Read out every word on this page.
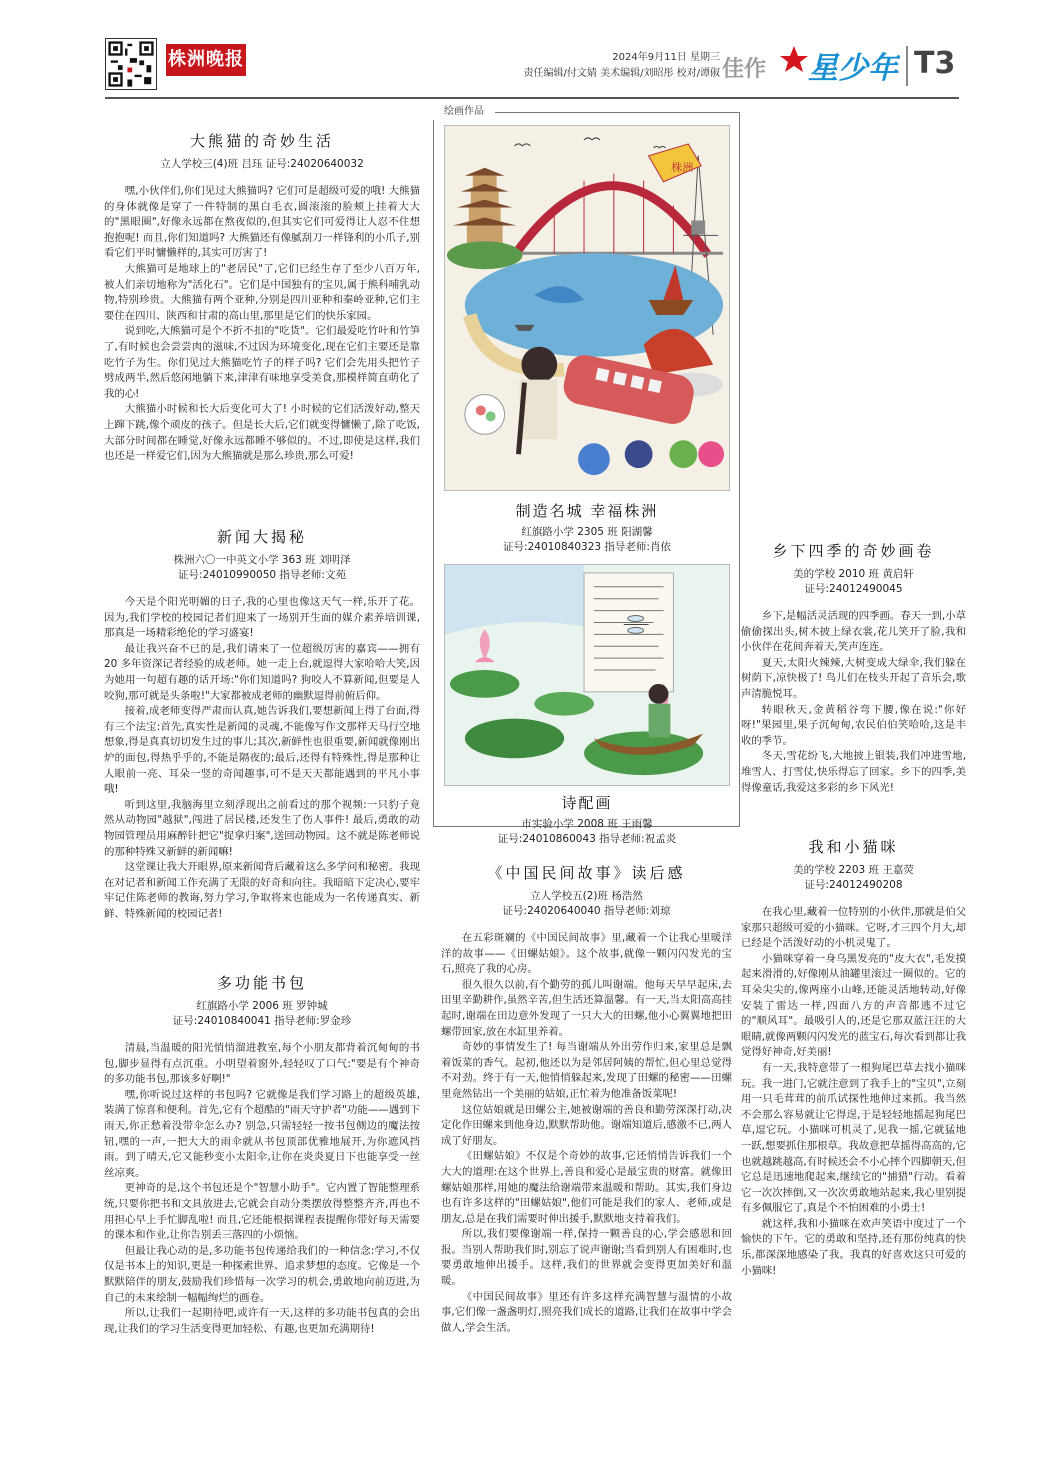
株洲晚报	2024年9月11日 星期三
责任编辑/付文婧 美术编辑/刘昭彤 校对/谭俶 佳作 星少年 T3
大熊猫的奇妙生活
立人学校三(4)班 吕珏 证号:24020640032

嘿,小伙伴们,你们见过大熊猫吗? 它们可是超级可爱的哦! 大熊猫的身体就像是穿了一件特制的黑白毛衣,圆滚滚的脸颊上挂着大大的"黑眼圈",好像永远都在熬夜似的,但其实它们可爱得让人忍不住想抱抱呢! 而且,你们知道吗? 大熊猫还有像腻刮刀一样锋利的小爪子,别看它们平时慵懒样的,其实可厉害了!

大熊猫可是地球上的"老居民"了,它们已经生存了至少八百万年,被人们亲切地称为"活化石"。它们是中国独有的宝贝,属于熊科哺乳动物,特别珍贵。大熊猫有两个亚种,分别是四川亚种和秦岭亚种,它们主要住在四川、陕西和甘肃的高山里,那里是它们的快乐家园。

说到吃,大熊猫可是个不折不扣的"吃货"。它们最爱吃竹叶和竹笋了,有时候也会尝尝肉的滋味,不过因为环境变化,现在它们主要还是靠吃竹子为生。你们见过大熊猫吃竹子的样子吗? 它们会先用头把竹子劈成两半,然后悠闲地躺下来,津津有味地享受美食,那模样简直萌化了我的心!

大熊猫小时候和长大后变化可大了! 小时候的它们活泼好动,整天上蹿下跳,像个顽皮的孩子。但是长大后,它们就变得慵懒了,除了吃饭,大部分时间都在睡觉,好像永远都睡不够似的。不过,即使是这样,我们也还是一样爱它们,因为大熊猫就是那么珍贵,那么可爱!

新闻大揭秘
株洲六〇一中英文小学 363 班 刘明泽
证号:24010990050 指导老师:文苑

今天是个阳光明媚的日子,我的心里也像这天气一样,乐开了花。因为,我们学校的校园记者们迎来了一场别开生面的媒介素养培训课,那真是一场精彩绝伦的学习盛宴!

最让我兴奋不已的是,我们请来了一位超级厉害的嘉宾——拥有 20 多年资深记者经验的成老师。她一走上台,就逗得大家哈哈大笑,因为她用一句超有趣的话开场:"你们知道吗? 狗咬人不算新闻,但要是人咬狗,那可就是头条啦!"大家都被成老师的幽默逗得前俯后仰。

接着,成老师变得严肃而认真,她告诉我们,要想新闻上得了台面,得有三个法宝:首先,真实性是新闻的灵魂,不能像写作文那样天马行空地想象,得是真真切切发生过的事儿;其次,新鲜性也很重要,新闻就像刚出炉的面包,得热乎乎的,不能是隔夜的;最后,还得有特殊性,得是那种让人眼前一亮、耳朵一竖的奇闻趣事,可不是天天都能遇到的平凡小事哦!

听到这里,我脑海里立刻浮现出之前看过的那个视频:一只豹子竟然从动物园"越狱",闯进了居民楼,还发生了伤人事件! 最后,勇敢的动物园管理员用麻醉针把它"捉拿归案",送回动物园。这不就是陈老师说的那种特殊又新鲜的新闻嘛!

这堂课让我大开眼界,原来新闻背后藏着这么多学问和秘密。我现在对记者和新闻工作充满了无限的好奇和向往。我暗暗下定决心,要牢牢记住陈老师的教诲,努力学习,争取将来也能成为一名传递真实、新鲜、特殊新闻的校园记者!

多功能书包
红旗路小学 2006 班 罗钟城
证号:24010840041 指导老师:罗金珍

清晨,当温暖的阳光悄悄溜进教室,每个小朋友都背着沉甸甸的书包,脚步显得有点沉重。小明望着窗外,轻轻叹了口气:"要是有个神奇的多功能书包,那该多好啊!"

嘿,你听说过这样的书包吗? 它就像是我们学习路上的超级英雄,装满了惊喜和便利。首先,它有个超酷的"雨天守护者"功能——遇到下雨天,你正愁着没带伞怎么办? 别急,只需轻轻一按书包侧边的魔法按钮,嘿的一声,一把大大的雨伞就从书包顶部优雅地展开,为你遮风挡雨。到了晴天,它又能秒变小太阳伞,让你在炎炎夏日下也能享受一丝丝凉爽。

更神奇的是,这个书包还是个"智慧小助手"。它内置了智能整理系统,只要你把书和文具放进去,它就会自动分类摆放得整整齐齐,再也不用担心早上手忙脚乱啦! 而且,它还能根据课程表提醒你带好每天需要的课本和作业,让你告别丢三落四的小烦恼。

但最让我心动的是,多功能书包传递给我们的一种信念:学习,不仅仅是书本上的知识,更是一种探索世界、追求梦想的态度。它像是一个默默陪伴的朋友,鼓励我们珍惜每一次学习的机会,勇敢地向前迈进,为自己的未来绘制一幅幅绚烂的画卷。

所以,让我们一起期待吧,或许有一天,这样的多功能书包真的会出现,让我们的学习生活变得更加轻松、有趣,也更加充满期待!

绘画作品
株洲
制造名城 幸福株洲
红旗路小学 2305 班 阳湖馨
证号:24010840323 指导老师:肖依
诗配画
市实验小学 2008 班 王雨馨
证号:24010860043 指导老师:祝孟炎
《中国民间故事》读后感
立人学校五(2)班 杨浩然
证号:24020640040 指导老师:刘琼

在五彩斑斓的《中国民间故事》里,藏着一个让我心里暖洋洋的故事——《田螺姑娘》。这个故事,就像一颗闪闪发光的宝石,照亮了我的心房。

很久很久以前,有个勤劳的孤儿叫谢端。他每天早早起床,去田里辛勤耕作,虽然辛苦,但生活还算温馨。有一天,当太阳高高挂起时,谢端在田边意外发现了一只大大的田螺,他小心翼翼地把田螺带回家,放在水缸里养着。

奇妙的事情发生了! 每当谢端从外出劳作归来,家里总是飘着饭菜的香气。起初,他还以为是邻居阿姨的帮忙,但心里总觉得不对劲。终于有一天,他悄悄躲起来,发现了田螺的秘密——田螺里竟然钻出一个美丽的姑娘,正忙着为他准备饭菜呢!

这位姑娘就是田螺公主,她被谢端的善良和勤劳深深打动,决定化作田螺来到他身边,默默帮助他。谢端知道后,感激不已,两人成了好朋友。

《田螺姑娘》不仅是个奇妙的故事,它还悄悄告诉我们一个大大的道理:在这个世界上,善良和爱心是最宝贵的财富。就像田螺姑娘那样,用她的魔法给谢端带来温暖和帮助。其实,我们身边也有许多这样的"田螺姑娘",他们可能是我们的家人、老师,或是朋友,总是在我们需要时伸出援手,默默地支持着我们。

所以,我们要像谢端一样,保持一颗善良的心,学会感恩和回报。当别人帮助我们时,别忘了说声谢谢;当看到别人有困难时,也要勇敢地伸出援手。这样,我们的世界就会变得更加美好和温暖。

《中国民间故事》里还有许多这样充满智慧与温情的小故事,它们像一盏盏明灯,照亮我们成长的道路,让我们在故事中学会做人,学会生活。

乡下四季的奇妙画卷
美的学校 2010 班 黄启轩
证号:24012490045

乡下,是幅活灵活现的四季画。春天一到,小草偷偷探出头,树木披上绿衣裳,花儿笑开了脸,我和小伙伴在花间奔着天,笑声连连。

夏天,太阳火辣辣,大树变成大绿伞,我们躲在树荫下,凉快极了! 鸟儿们在枝头开起了音乐会,歌声清脆悦耳。

转眼秋天,金黄稻谷弯下腰,像在说:"你好呀!"果园里,果子沉甸甸,农民伯伯笑哈哈,这是丰收的季节。

冬天,雪花纷飞,大地披上银装,我们冲进雪地,堆雪人、打雪仗,快乐得忘了回家。乡下的四季,美得像童话,我爱这多彩的乡下风光!

我和小猫咪
美的学校 2203 班 王嘉荧
证号:24012490208

在我心里,藏着一位特别的小伙伴,那就是伯父家那只超级可爱的小猫咪。它呀,才三四个月大,却已经是个活泼好动的小机灵鬼了。

小猫咪穿着一身乌黑发亮的"皮大衣",毛发摸起来滑滑的,好像刚从油罐里滚过一圈似的。它的耳朵尖尖的,像两座小山峰,还能灵活地转动,好像安装了雷达一样,四面八方的声音都逃不过它的"顺风耳"。最吸引人的,还是它那双蓝汪汪的大眼睛,就像两颗闪闪发光的蓝宝石,每次看到都让我觉得好神奇,好美丽!

有一天,我特意带了一根狗尾巴草去找小猫咪玩。我一进门,它就注意到了我手上的"宝贝",立刻用一只毛茸茸的前爪试探性地伸过来抓。我当然不会那么容易就让它得逞,于是轻轻地摇起狗尾巴草,逗它玩。小猫咪可机灵了,见我一摇,它就猛地一跃,想要抓住那根草。我故意把草摇得高高的,它也就越跳越高,有时候还会不小心摔个四脚朝天,但它总是迅速地爬起来,继续它的"捕猎"行动。看着它一次次摔倒,又一次次勇敢地站起来,我心里别提有多佩服它了,真是个不怕困难的小勇士!

就这样,我和小猫咪在欢声笑语中度过了一个愉快的下午。它的勇敢和坚持,还有那份纯真的快乐,都深深地感染了我。我真的好喜欢这只可爱的小猫咪!
